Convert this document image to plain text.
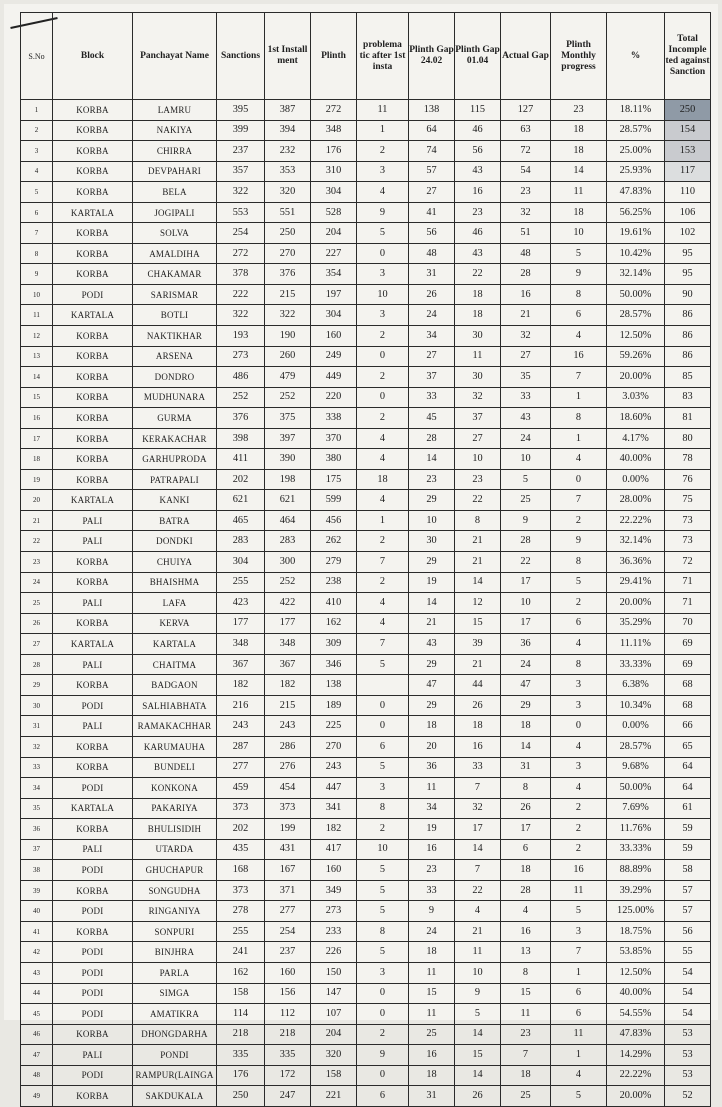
S.No	Block	Panchayat Name	Sanctions	1st Install ment	Plinth	problema tic after 1st insta	Plinth Gap 24.02	Plinth Gap 01.04	Actual Gap	Plinth Monthly progress	%	Total Incomple ted against Sanction
1	KORBA	LAMRU	395	387	272	11	138	115	127	23	18.11%	250
2	KORBA	NAKIYA	399	394	348	1	64	46	63	18	28.57%	154
3	KORBA	CHIRRA	237	232	176	2	74	56	72	18	25.00%	153
4	KORBA	DEVPAHARI	357	353	310	3	57	43	54	14	25.93%	117
5	KORBA	BELA	322	320	304	4	27	16	23	11	47.83%	110
6	KARTALA	JOGIPALI	553	551	528	9	41	23	32	18	56.25%	106
7	KORBA	SOLVA	254	250	204	5	56	46	51	10	19.61%	102
8	KORBA	AMALDIHA	272	270	227	0	48	43	48	5	10.42%	95
9	KORBA	CHAKAMAR	378	376	354	3	31	22	28	9	32.14%	95
10	PODI	SARISMAR	222	215	197	10	26	18	16	8	50.00%	90
11	KARTALA	BOTLI	322	322	304	3	24	18	21	6	28.57%	86
12	KORBA	NAKTIKHAR	193	190	160	2	34	30	32	4	12.50%	86
13	KORBA	ARSENA	273	260	249	0	27	11	27	16	59.26%	86
14	KORBA	DONDRO	486	479	449	2	37	30	35	7	20.00%	85
15	KORBA	MUDHUNARA	252	252	220	0	33	32	33	1	3.03%	83
16	KORBA	GURMA	376	375	338	2	45	37	43	8	18.60%	81
17	KORBA	KERAKACHAR	398	397	370	4	28	27	24	1	4.17%	80
18	KORBA	GARHUPRODA	411	390	380	4	14	10	10	4	40.00%	78
19	KORBA	PATRAPALI	202	198	175	18	23	23	5	0	0.00%	76
20	KARTALA	KANKI	621	621	599	4	29	22	25	7	28.00%	75
21	PALI	BATRA	465	464	456	1	10	8	9	2	22.22%	73
22	PALI	DONDKI	283	283	262	2	30	21	28	9	32.14%	73
23	KORBA	CHUIYA	304	300	279	7	29	21	22	8	36.36%	72
24	KORBA	BHAISHMA	255	252	238	2	19	14	17	5	29.41%	71
25	PALI	LAFA	423	422	410	4	14	12	10	2	20.00%	71
26	KORBA	KERVA	177	177	162	4	21	15	17	6	35.29%	70
27	KARTALA	KARTALA	348	348	309	7	43	39	36	4	11.11%	69
28	PALI	CHAITMA	367	367	346	5	29	21	24	8	33.33%	69
29	KORBA	BADGAON	182	182	138		47	44	47	3	6.38%	68
30	PODI	SALHIABHATA	216	215	189	0	29	26	29	3	10.34%	68
31	PALI	RAMAKACHHAR	243	243	225	0	18	18	18	0	0.00%	66
32	KORBA	KARUMAUHA	287	286	270	6	20	16	14	4	28.57%	65
33	KORBA	BUNDELI	277	276	243	5	36	33	31	3	9.68%	64
34	PODI	KONKONA	459	454	447	3	11	7	8	4	50.00%	64
35	KARTALA	PAKARIYA	373	373	341	8	34	32	26	2	7.69%	61
36	KORBA	BHULISIDIH	202	199	182	2	19	17	17	2	11.76%	59
37	PALI	UTARDA	435	431	417	10	16	14	6	2	33.33%	59
38	PODI	GHUCHAPUR	168	167	160	5	23	7	18	16	88.89%	58
39	KORBA	SONGUDHA	373	371	349	5	33	22	28	11	39.29%	57
40	PODI	RINGANIYA	278	277	273	5	9	4	4	5	125.00%	57
41	KORBA	SONPURI	255	254	233	8	24	21	16	3	18.75%	56
42	PODI	BINJHRA	241	237	226	5	18	11	13	7	53.85%	55
43	PODI	PARLA	162	160	150	3	11	10	8	1	12.50%	54
44	PODI	SIMGA	158	156	147	0	15	9	15	6	40.00%	54
45	PODI	AMATIKRA	114	112	107	0	11	5	11	6	54.55%	54
46	KORBA	DHONGDARHA	218	218	204	2	25	14	23	11	47.83%	53
47	PALI	PONDI	335	335	320	9	16	15	7	1	14.29%	53
48	PODI	RAMPUR(LAINGA	176	172	158	0	18	14	18	4	22.22%	53
49	KORBA	SAKDUKALA	250	247	221	6	31	26	25	5	20.00%	52
